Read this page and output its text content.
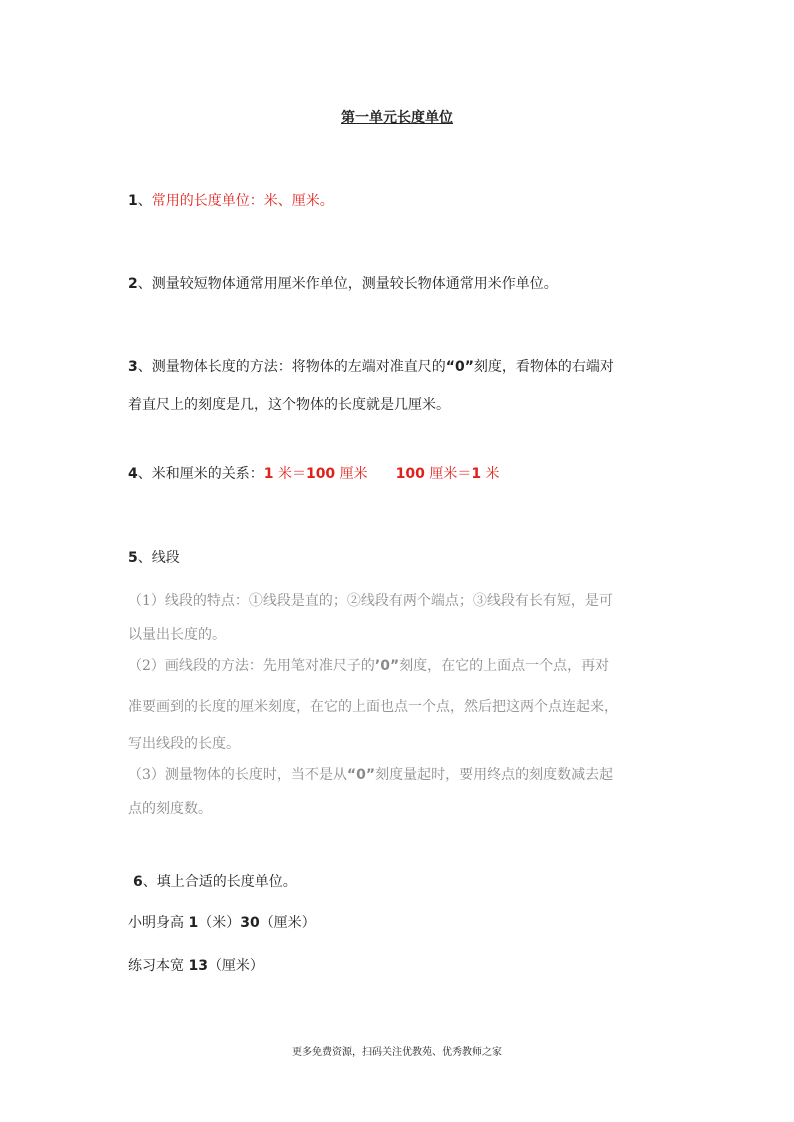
第一单元长度单位
1、常用的长度单位：米、厘米。
2、测量较短物体通常用厘米作单位，测量较长物体通常用米作单位。
3、测量物体长度的方法：将物体的左端对准直尺的“0”刻度，看物体的右端对
着直尺上的刻度是几，这个物体的长度就是几厘米。
4、米和厘米的关系：1 米＝100 厘米 100 厘米＝1 米
5、线段
（1）线段的特点：①线段是直的；②线段有两个端点；③线段有长有短，是可
以量出长度的。
（2）画线段的方法：先用笔对准尺子的’0”刻度，在它的上面点一个点，再对
准要画到的长度的厘米刻度，在它的上面也点一个点，然后把这两个点连起来，
写出线段的长度。
（3）测量物体的长度时，当不是从“0”刻度量起时，要用终点的刻度数减去起
点的刻度数。
6、填上合适的长度单位。
小明身高 1（米）30（厘米）
练习本宽 13（厘米）
更多免费资源，扫码关注优教苑、优秀教师之家
